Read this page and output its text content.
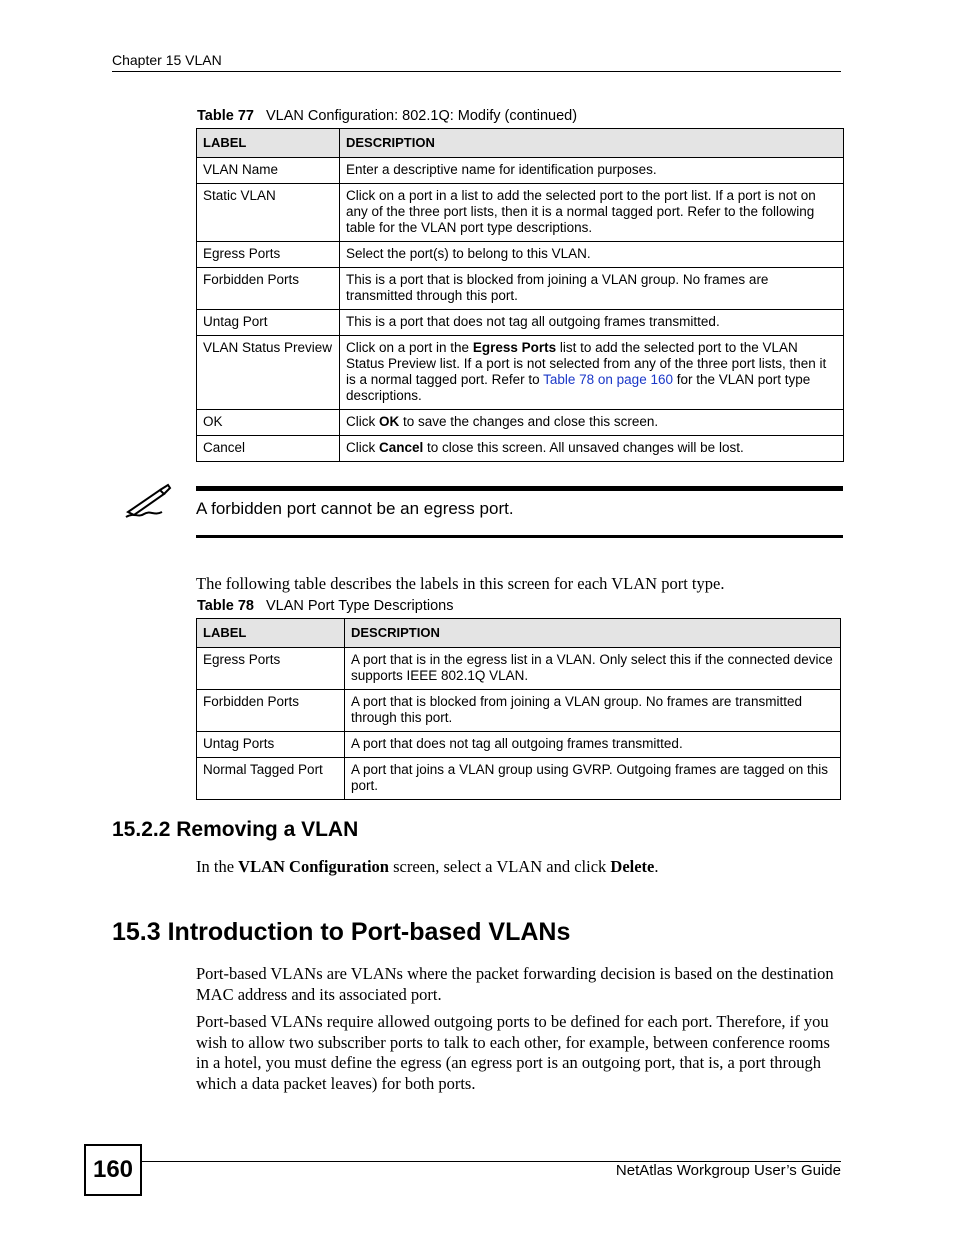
Chapter 15 VLAN
Table 77 VLAN Configuration: 802.1Q: Modify (continued)
LABEL	DESCRIPTION
VLAN Name	Enter a descriptive name for identification purposes.
Static VLAN	Click on a port in a list to add the selected port to the port list. If a port is not on any of the three port lists, then it is a normal tagged port. Refer to the following table for the VLAN port type descriptions.
Egress Ports	Select the port(s) to belong to this VLAN.
Forbidden Ports	This is a port that is blocked from joining a VLAN group. No frames are transmitted through this port.
Untag Port	This is a port that does not tag all outgoing frames transmitted.
VLAN Status Preview	Click on a port in the Egress Ports list to add the selected port to the VLAN Status Preview list. If a port is not selected from any of the three port lists, then it is a normal tagged port. Refer to Table 78 on page 160 for the VLAN port type descriptions.
OK	Click OK to save the changes and close this screen.
Cancel	Click Cancel to close this screen. All unsaved changes will be lost.
A forbidden port cannot be an egress port.
The following table describes the labels in this screen for each VLAN port type.
Table 78 VLAN Port Type Descriptions
LABEL	DESCRIPTION
Egress Ports	A port that is in the egress list in a VLAN. Only select this if the connected device supports IEEE 802.1Q VLAN.
Forbidden Ports	A port that is blocked from joining a VLAN group. No frames are transmitted through this port.
Untag Ports	A port that does not tag all outgoing frames transmitted.
Normal Tagged Port	A port that joins a VLAN group using GVRP. Outgoing frames are tagged on this port.
15.2.2 Removing a VLAN
In the VLAN Configuration screen, select a VLAN and click Delete.
15.3 Introduction to Port-based VLANs
Port-based VLANs are VLANs where the packet forwarding decision is based on the destination MAC address and its associated port.
Port-based VLANs require allowed outgoing ports to be defined for each port. Therefore, if you wish to allow two subscriber ports to talk to each other, for example, between conference rooms in a hotel, you must define the egress (an egress port is an outgoing port, that is, a port through which a data packet leaves) for both ports.
160	NetAtlas Workgroup User’s Guide
